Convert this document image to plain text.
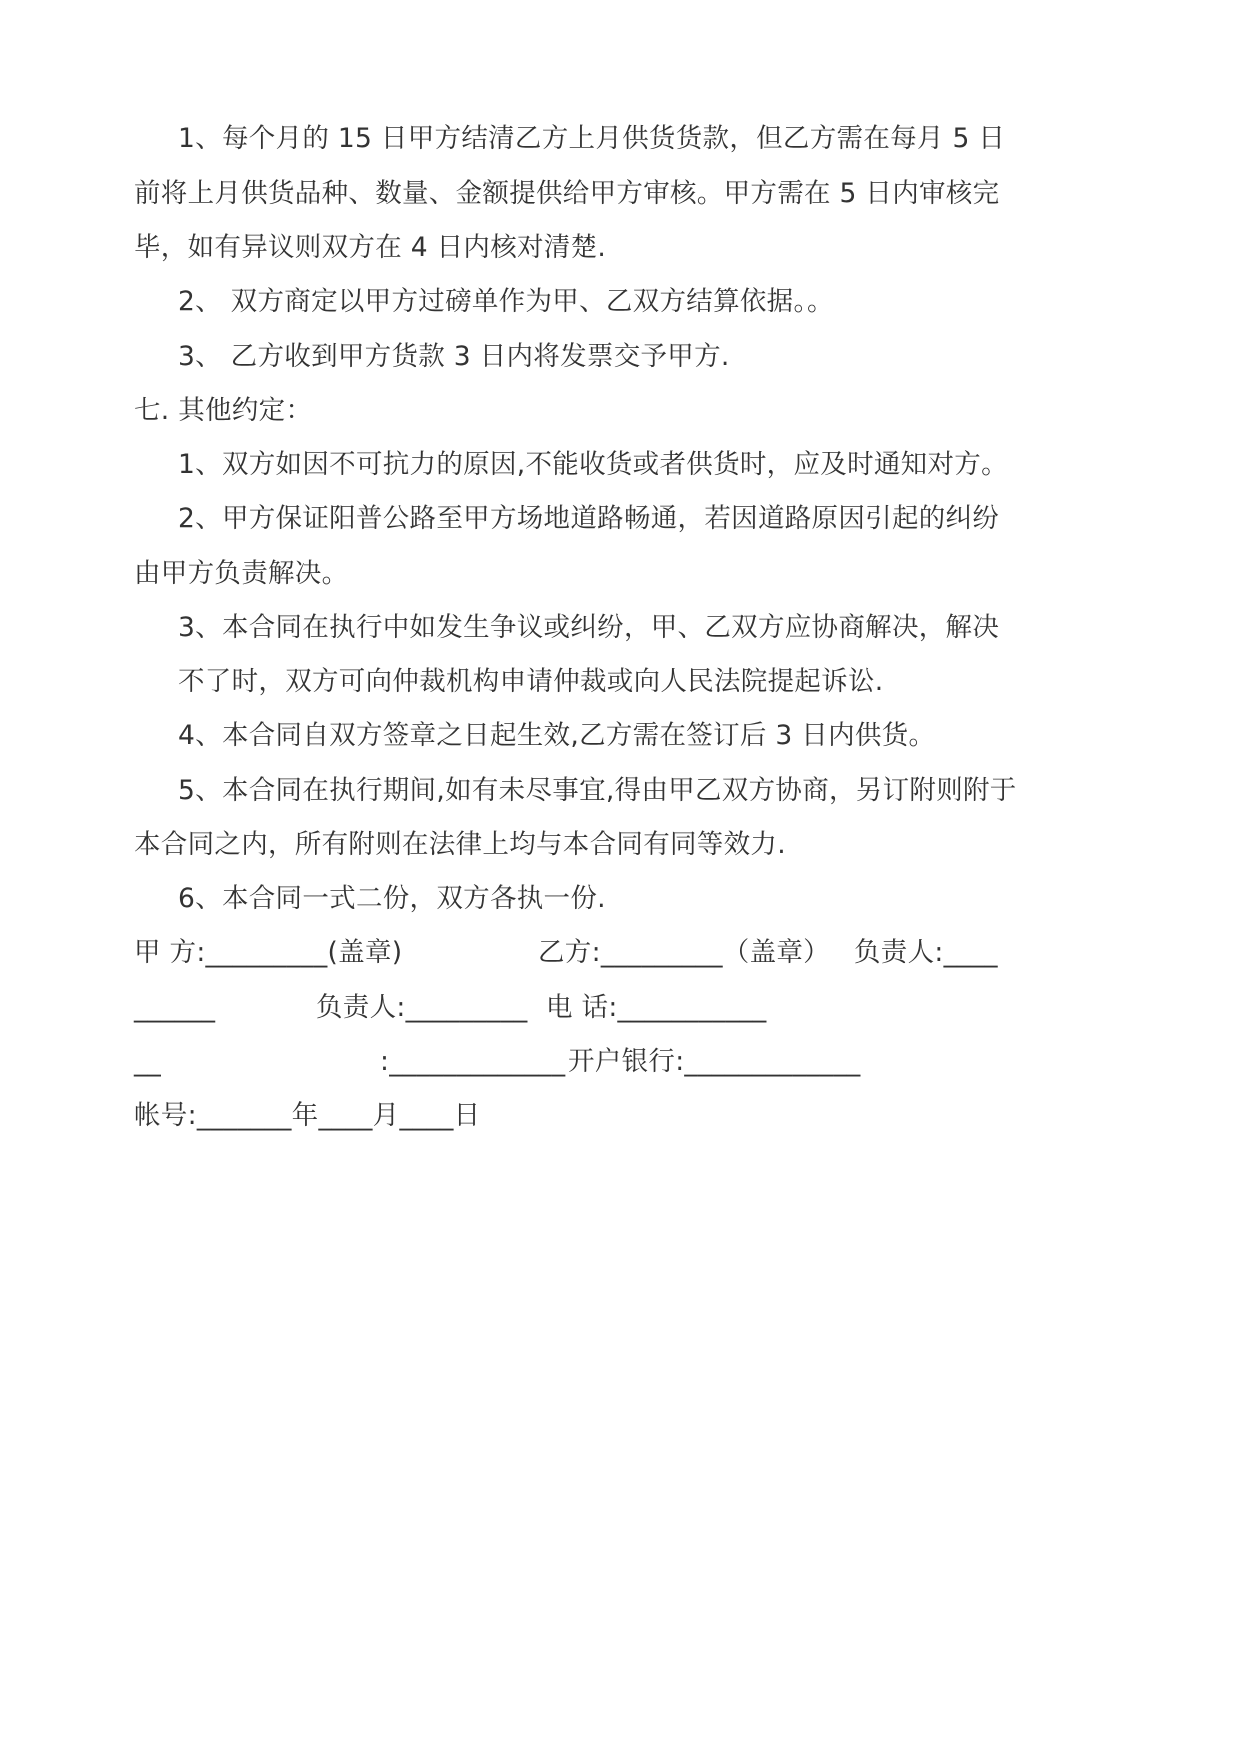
1、每个月的 15 日甲方结清乙方上月供货货款，但乙方需在每月 5 日
前将上月供货品种、数量、金额提供给甲方审核。甲方需在 5 日内审核完
毕，如有异议则双方在 4 日内核对清楚.
2、 双方商定以甲方过磅单作为甲、乙双方结算依据。。
3、 乙方收到甲方货款 3 日内将发票交予甲方.
七. 其他约定：
1、双方如因不可抗力的原因,不能收货或者供货时，应及时通知对方。
2、甲方保证阳普公路至甲方场地道路畅通，若因道路原因引起的纠纷
由甲方负责解决。
3、本合同在执行中如发生争议或纠纷，甲、乙双方应协商解决，解决
不了时，双方可向仲裁机构申请仲裁或向人民法院提起诉讼.
4、本合同自双方签章之日起生效,乙方需在签订后 3 日内供货。
5、本合同在执行期间,如有未尽事宜,得由甲乙双方协商，另订附则附于
本合同之内，所有附则在法律上均与本合同有同等效力.
6、本合同一式二份，双方各执一份.
甲 方:_________(盖章)	乙方:_________（盖章） 负责人:____
______	负责人:_________ 电 话:___________
__	:_____________ 开户银行:_____________
帐号:_______年____月____日
